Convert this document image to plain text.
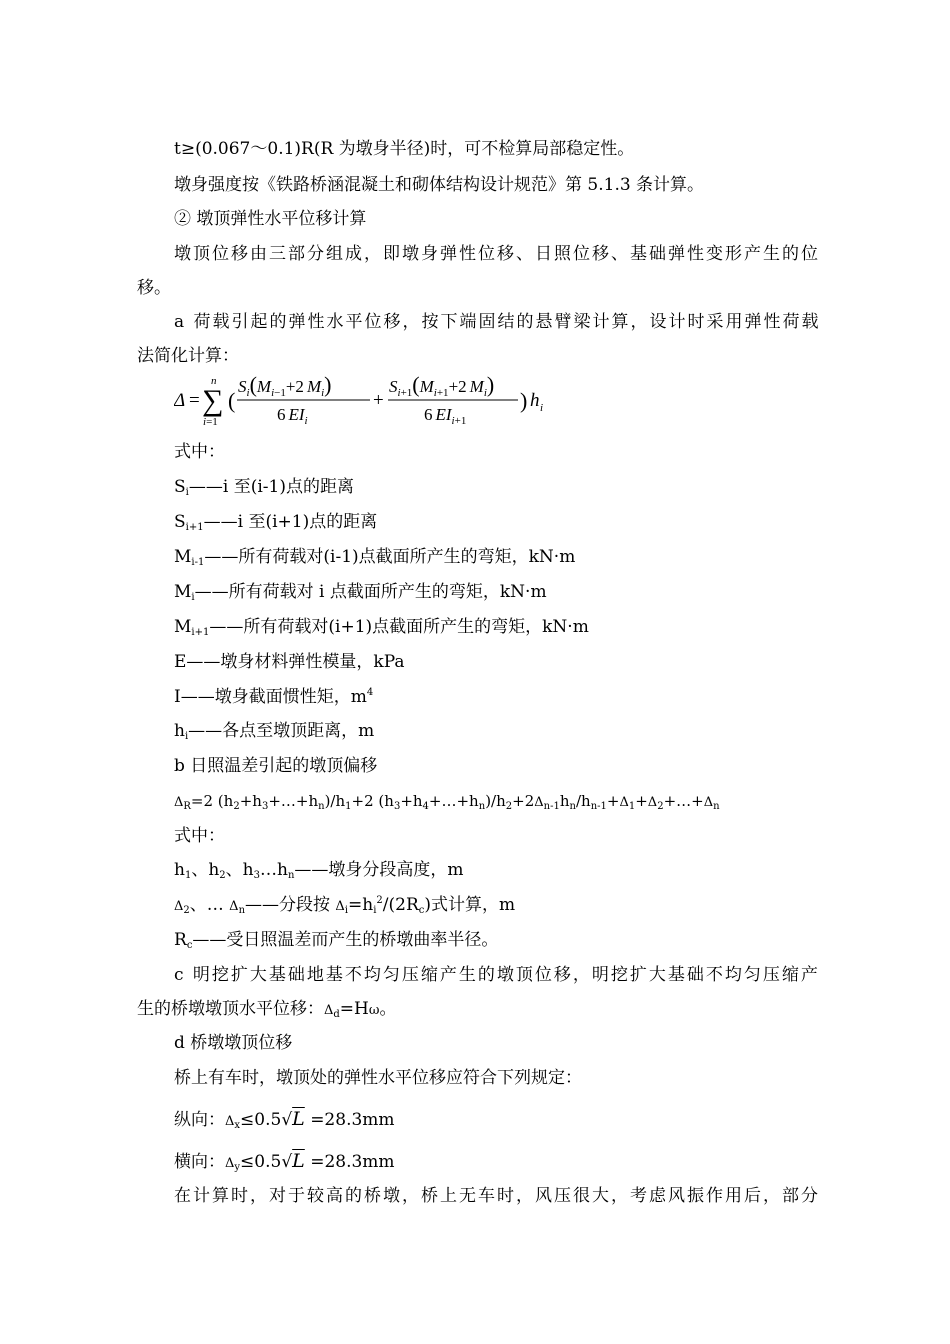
t≥(0.067～0.1)R(R 为墩身半径)时，可不检算局部稳定性。
墩身强度按《铁路桥涵混凝土和砌体结构设计规范》第 5.1.3 条计算。
② 墩顶弹性水平位移计算
墩顶位移由三部分组成，即墩身弹性位移、日照位移、基础弹性变形产生的位
移。
a 荷载引起的弹性水平位移，按下端固结的悬臂梁计算，设计时采用弹性荷载
法简化计算：
Δ = ∑
n
i=1
(
$S_i(M_i-1+2$ $M_i$)
6 $EI_i$
+
$S_{i+1}(M_{i+1}+2$ $M_i$)
6 $EI_{i+1}$
) h i
式中：
$S_i——i$ 至(i-1)点的距离
$S_{i+1}——i$ 至(i+1)点的距离
$M_{i-1}——$所有荷载对(i-1)点截面所产生的弯矩，kN·m
$M_i——$所有荷载对 i 点截面所产生的弯矩，kN·m
$M_{i+1}——$所有荷载对(i+1)点截面所产生的弯矩，kN·m
E——墩身材料弹性模量，kPa
I——墩身截面惯性矩，$m^4$
$h_i——$各点至墩顶距离，m
b 日照温差引起的墩顶偏移
$\Delta_R=2$ $(h_2+h_3+\dots+h_n)/h_1+2$ $(h_3+h_4+\dots+h_n)/h_2+2\Delta_{n-1}h_n/h_{n-1}+\Delta_1+\Delta_2+\dots+\Delta_n$
式中：
$h_1$、$h_2$、$h_3\dots h_n——$墩身分段高度，m
$\Delta_2$、… $\Delta_n——$分段按 $\Delta_i=h_i^2/(2R_c)$式计算，m
$R_c——$受日照温差而产生的桥墩曲率半径。
c 明挖扩大基础地基不均匀压缩产生的墩顶位移，明挖扩大基础不均匀压缩产
生的桥墩墩顶水平位移：$\Delta_d=H\omega$。
d 桥墩墩顶位移
桥上有车时，墩顶处的弹性水平位移应符合下列规定：
纵向：$\Delta_x\le 0.5√L =28.3mm$
横向：$\Delta_y\le 0.5√L =28.3mm$
在计算时，对于较高的桥墩，桥上无车时，风压很大，考虑风振作用后，部分
